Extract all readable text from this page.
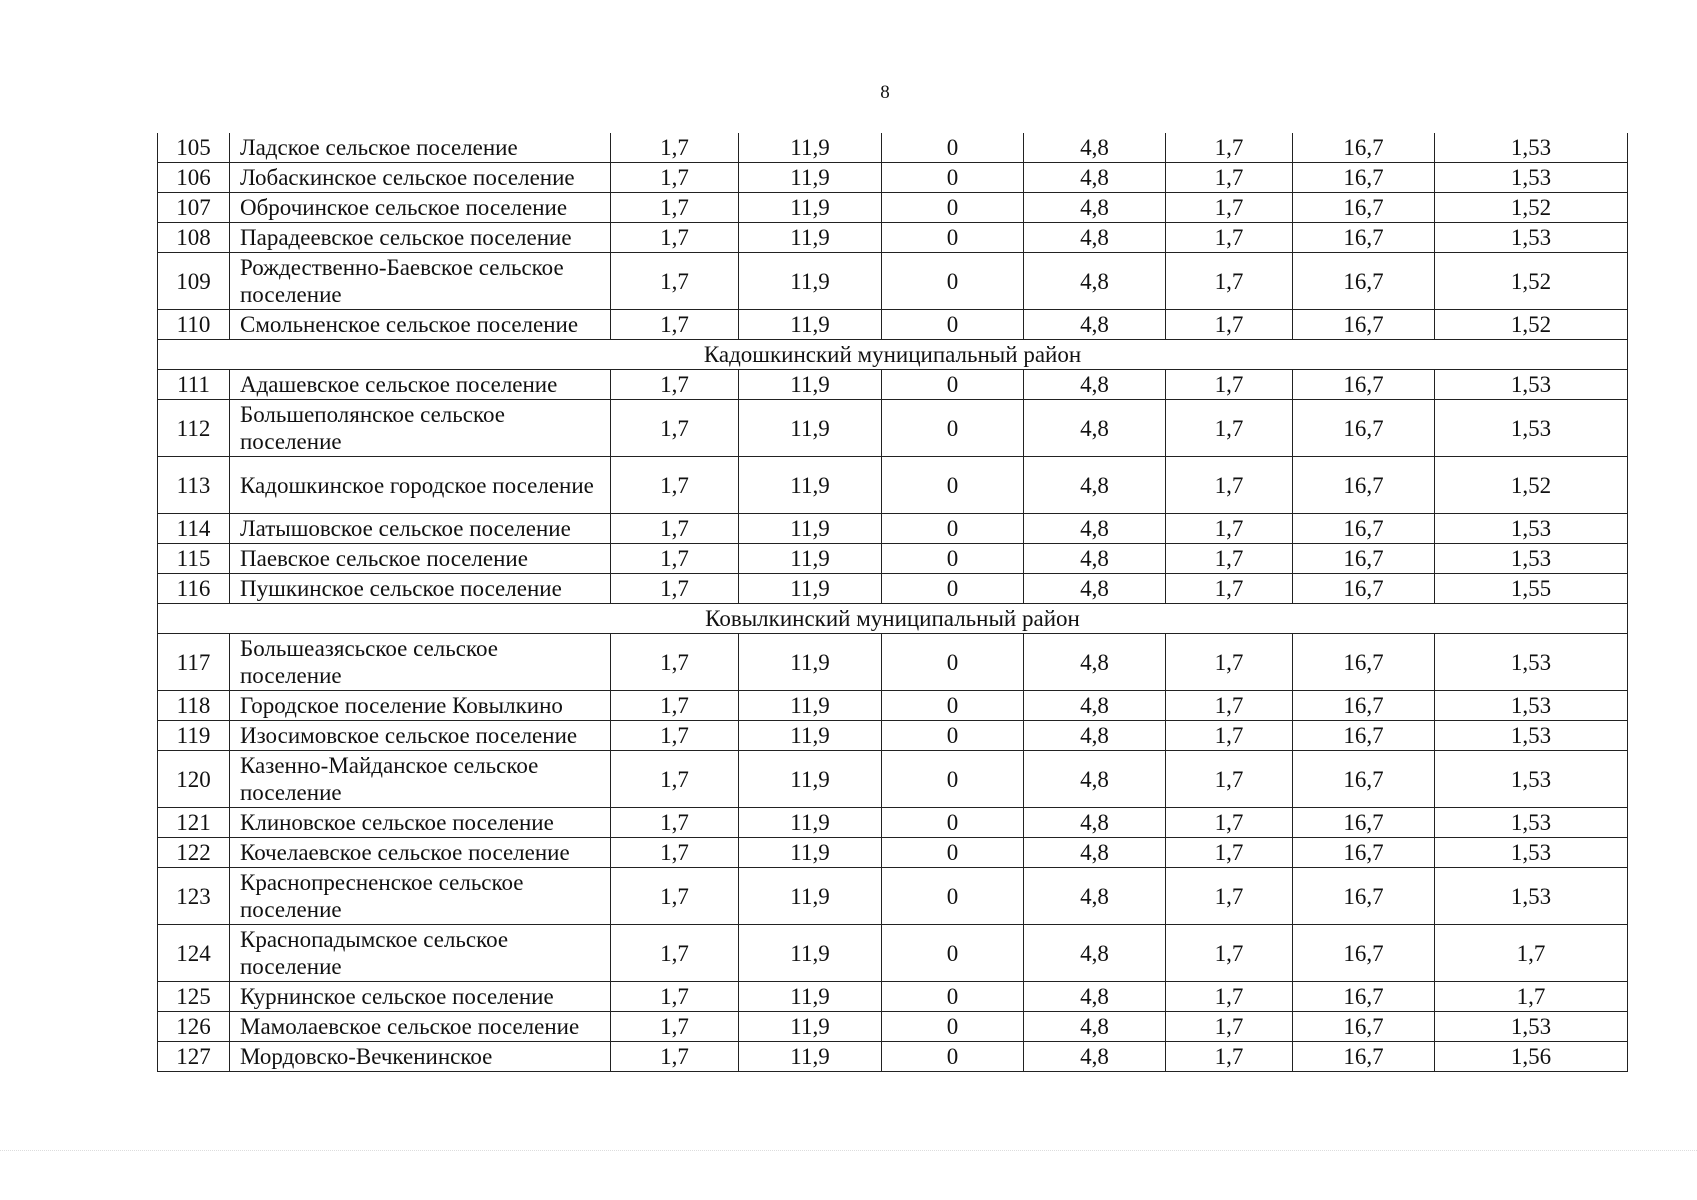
8
105	Ладское сельское поселение	1,7	11,9	0	4,8	1,7	16,7	1,53
106	Лобаскинское сельское поселение	1,7	11,9	0	4,8	1,7	16,7	1,53
107	Оброчинское сельское поселение	1,7	11,9	0	4,8	1,7	16,7	1,52
108	Парадеевское сельское поселение	1,7	11,9	0	4,8	1,7	16,7	1,53
109	Рождественно-Баевское сельское поселение	1,7	11,9	0	4,8	1,7	16,7	1,52
110	Смольненское сельское поселение	1,7	11,9	0	4,8	1,7	16,7	1,52
Кадошкинский муниципальный район								
111	Адашевское сельское поселение	1,7	11,9	0	4,8	1,7	16,7	1,53
112	Большеполянское сельское поселение	1,7	11,9	0	4,8	1,7	16,7	1,53
113	Кадошкинское городское поселение	1,7	11,9	0	4,8	1,7	16,7	1,52
114	Латышовское сельское поселение	1,7	11,9	0	4,8	1,7	16,7	1,53
115	Паевское сельское поселение	1,7	11,9	0	4,8	1,7	16,7	1,53
116	Пушкинское сельское поселение	1,7	11,9	0	4,8	1,7	16,7	1,55
Ковылкинский муниципальный район								
117	Большеазясьское сельское поселение	1,7	11,9	0	4,8	1,7	16,7	1,53
118	Городское поселение Ковылкино	1,7	11,9	0	4,8	1,7	16,7	1,53
119	Изосимовское сельское поселение	1,7	11,9	0	4,8	1,7	16,7	1,53
120	Казенно-Майданское сельское поселение	1,7	11,9	0	4,8	1,7	16,7	1,53
121	Клиновское сельское поселение	1,7	11,9	0	4,8	1,7	16,7	1,53
122	Кочелаевское сельское поселение	1,7	11,9	0	4,8	1,7	16,7	1,53
123	Краснопресненское сельское поселение	1,7	11,9	0	4,8	1,7	16,7	1,53
124	Краснопадымское сельское поселение	1,7	11,9	0	4,8	1,7	16,7	1,7
125	Курнинское сельское поселение	1,7	11,9	0	4,8	1,7	16,7	1,7
126	Мамолаевское сельское поселение	1,7	11,9	0	4,8	1,7	16,7	1,53
127	Мордовско-Вечкенинское	1,7	11,9	0	4,8	1,7	16,7	1,56
